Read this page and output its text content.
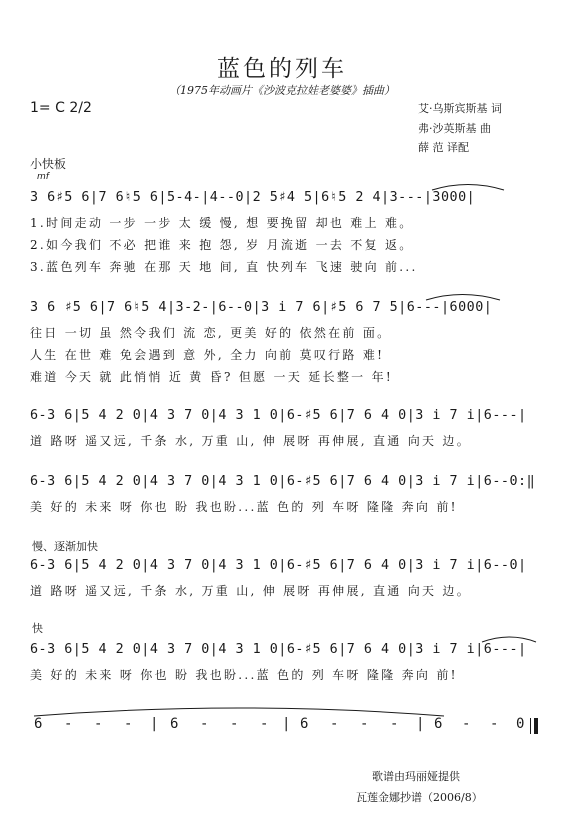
蓝色的列车
（1975年动画片《沙波克拉娃老婆婆》插曲）
1= C 2/2	艾·乌斯宾斯基 词
弗·沙英斯基 曲
薛 范 译配
小快板
mf
3 6♯5 6|7 6♮5 6|5-4-|4--0|2 5♯4 5|6♮5 2 4|3---|3000|
1.时间走动 一步 一步 太 缓 慢, 想 要挽留 却也 难上 难。
2.如今我们 不必 把谁 来 抱 怨, 岁 月流逝 一去 不复 返。
3.蓝色列车 奔驰 在那 天 地 间, 直 快列车 飞速 驶向 前...
3 6 ♯5 6|7 6♮5 4|3-2-|6--0|3 i 7 6|♯5 6 7 5|6---|6000|
往日 一切 虽 然令我们 流 恋, 更美 好的 依然在前 面。
人生 在世 难 免会遇到 意 外, 全力 向前 莫叹行路 难!
难道 今天 就 此悄悄 近 黄 昏? 但愿 一天 延长整一 年!
6-3 6|5 4 2 0|4 3 7 0|4 3 1 0|6-♯5 6|7 6 4 0|3 i 7 i|6---|
道 路呀 遥又远, 千条 水, 万重 山, 伸 展呀 再伸展, 直通 向天 边。
6-3 6|5 4 2 0|4 3 7 0|4 3 1 0|6-♯5 6|7 6 4 0|3 i 7 i|6--0:‖
美 好的 未来 呀 你也 盼 我也盼...蓝 色的 列 车呀 隆隆 奔向 前!
慢、逐渐加快
6-3 6|5 4 2 0|4 3 7 0|4 3 1 0|6-♯5 6|7 6 4 0|3 i 7 i|6--0|
道 路呀 遥又远, 千条 水, 万重 山, 伸 展呀 再伸展, 直通 向天 边。
快
6-3 6|5 4 2 0|4 3 7 0|4 3 1 0|6-♯5 6|7 6 4 0|3 i 7 i|6---|
美 好的 未来 呀 你也 盼 我也盼...蓝 色的 列 车呀 隆隆 奔向 前!
6 - - - | 6 - - - | 6 - - - | 6 - - 0
歌谱由玛丽娅提供
瓦莲金娜抄谱（2006/8）
